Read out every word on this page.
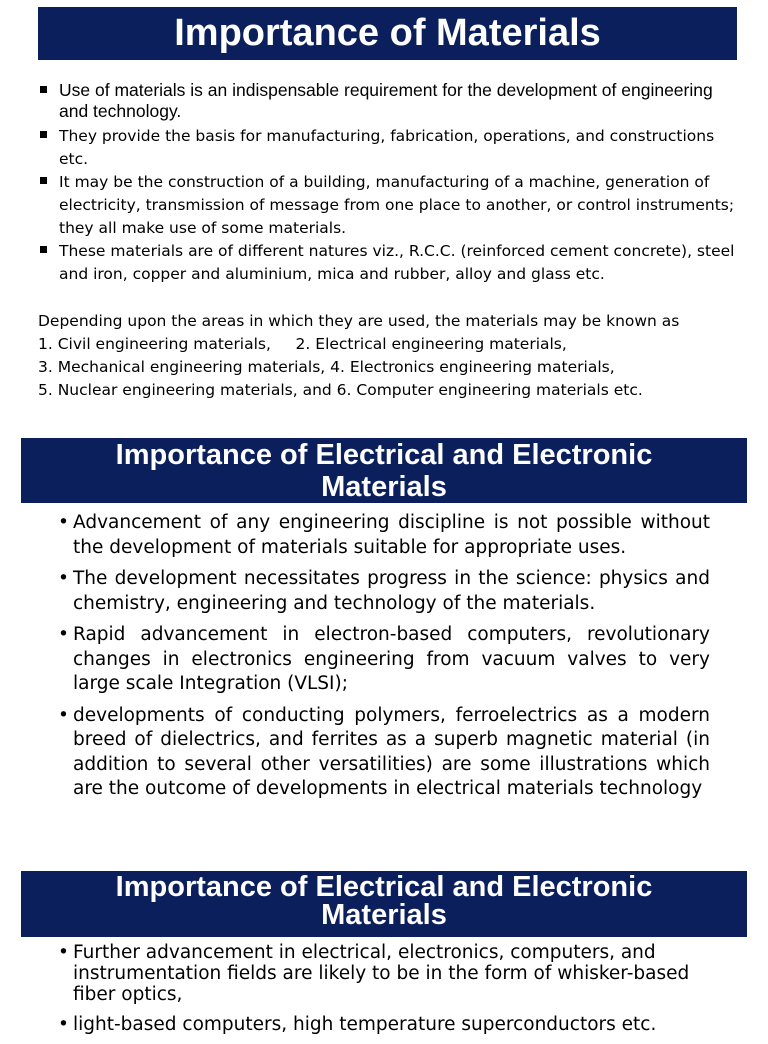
Importance of Materials
Use of materials is an indispensable requirement for the development of engineering and technology.
They provide the basis for manufacturing, fabrication, operations, and constructions etc.
It may be the construction of a building, manufacturing of a machine, generation of electricity, transmission of message from one place to another, or control instruments; they all make use of some materials.
These materials are of different natures viz., R.C.C. (reinforced cement concrete), steel and iron, copper and aluminium, mica and rubber, alloy and glass etc.
Depending upon the areas in which they are used, the materials may be known as
1. Civil engineering materials,     2. Electrical engineering materials,
3. Mechanical engineering materials, 4. Electronics engineering materials,
5. Nuclear engineering materials, and 6. Computer engineering materials etc.
Importance of Electrical and Electronic
Materials
• Advancement of any engineering discipline is not possible without the development of materials suitable for appropriate uses.
• The development necessitates progress in the science: physics and chemistry, engineering and technology of the materials.
• Rapid advancement in electron-based computers, revolutionary changes in electronics engineering from vacuum valves to very large scale Integration (VLSI);
• developments of conducting polymers, ferroelectrics as a modern breed of dielectrics, and ferrites as a superb magnetic material (in addition to several other versatilities) are some illustrations which are the outcome of developments in electrical materials technology
Importance of Electrical and Electronic
Materials
• Further advancement in electrical, electronics, computers, and instrumentation fields are likely to be in the form of whisker-based fiber optics,
• light-based computers, high temperature superconductors etc.
